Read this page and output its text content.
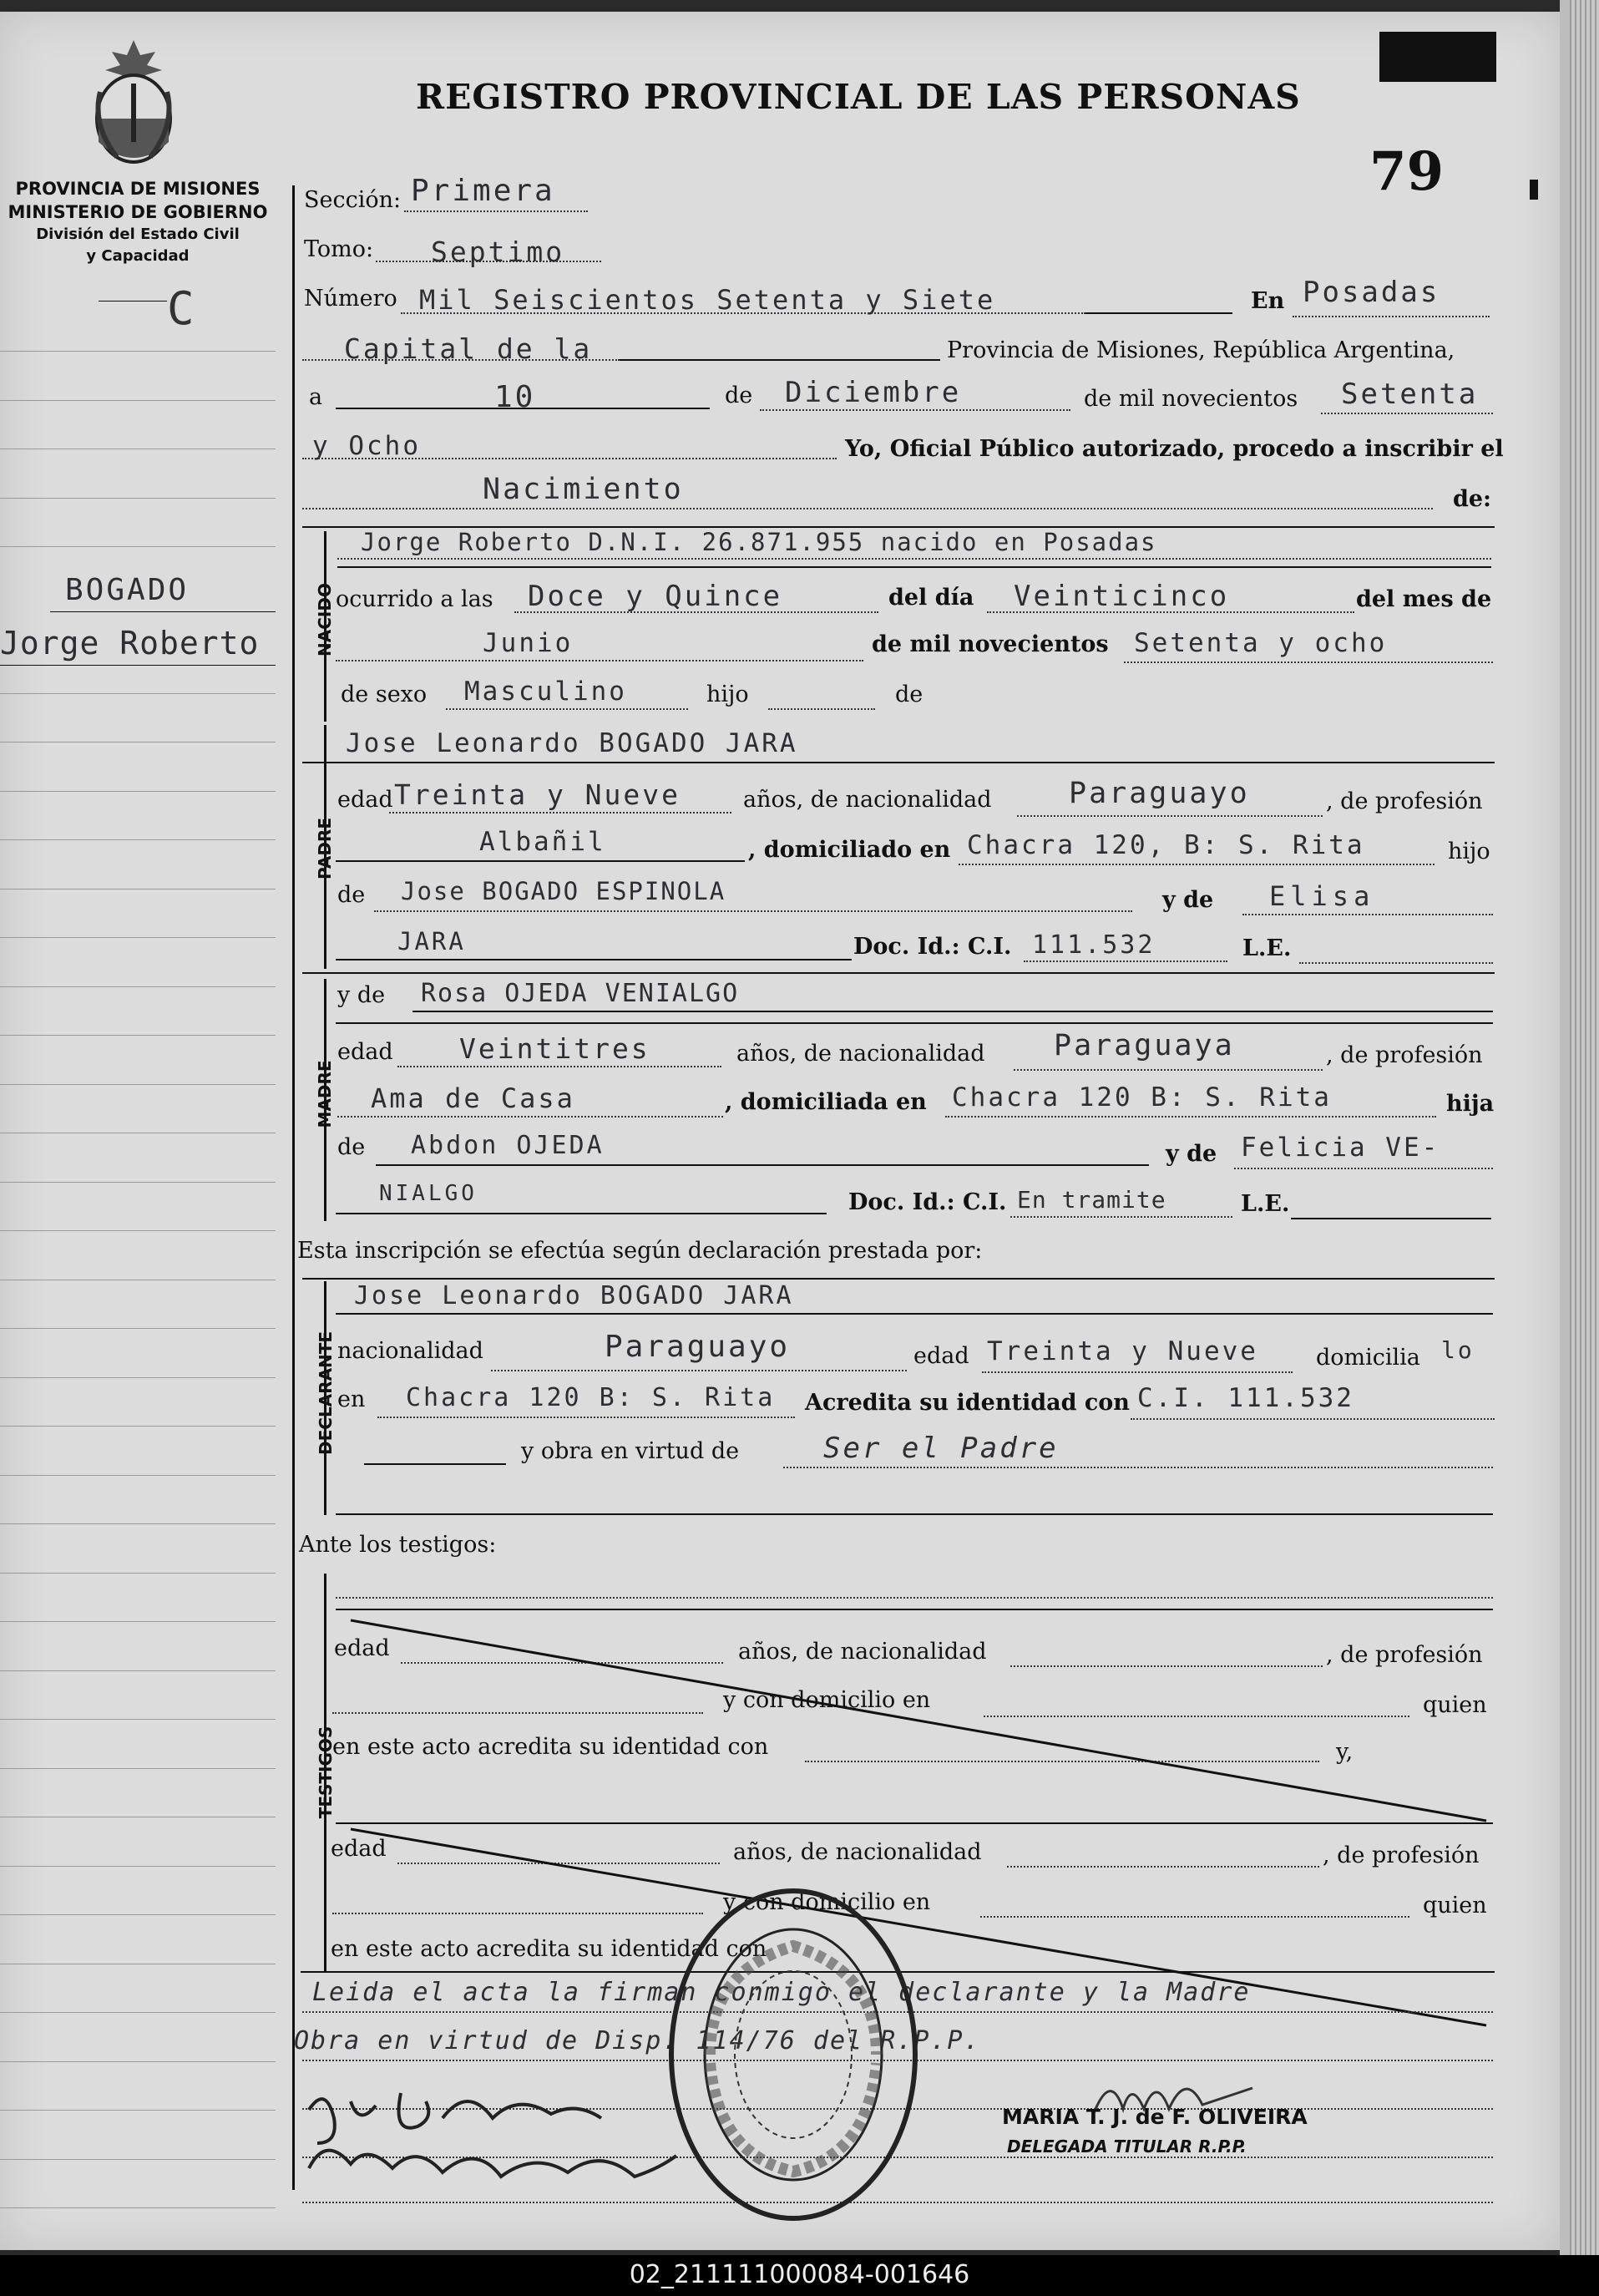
PROVINCIA DE MISIONES
MINISTERIO DE GOBIERNO
División del Estado Civil
y Capacidad
C
REGISTRO PROVINCIAL DE LAS PERSONAS
79
BOGADO
Jorge Roberto
Sección: Primera
Tomo: Septimo
Número Mil Seiscientos Setenta y Siete	En Posadas
Capital de la	Provincia de Misiones, República Argentina,
a	10	de Diciembre	de mil novecientos Setenta
y Ocho	Yo, Oficial Público autorizado, procedo a inscribir el
Nacimiento	de:
NACIDO
Jorge Roberto D.N.I. 26.871.955 nacido en Posadas
ocurrido a las Doce y Quince	del día Veinticinco	del mes de
Junio	de mil novecientos Setenta y ocho
de sexo Masculino	hijo	de
PADRE
Jose Leonardo BOGADO JARA
edad Treinta y Nueve	años, de nacionalidad	Paraguayo	, de profesión
Albañil	, domiciliado en Chacra 120, B: S. Rita	hijo
de Jose BOGADO ESPINOLA	y de Elisa
JARA	Doc. Id.: C.I. 111.532	L.E.
MADRE
y de Rosa OJEDA VENIALGO
edad Veintitres	años, de nacionalidad Paraguaya	, de profesión
Ama de Casa	, domiciliada en Chacra 120 B: S. Rita	hija
de Abdon OJEDA	y de Felicia VE-
NIALGO	Doc. Id.: C.I. En tramite	L.E.
Esta inscripción se efectúa según declaración prestada por:
DECLARANTE
Jose Leonardo BOGADO JARA
nacionalidad	Paraguayo	edad Treinta y Nueve	domicilia lo
en Chacra 120 B: S. Rita Acredita su identidad con C.I. 111.532
y obra en virtud de	Ser el Padre
Ante los testigos:
TESTIGOS
edad	años, de nacionalidad	, de profesión
y con domicilio en	quien
en este acto acredita su identidad con	y,
edad	años, de nacionalidad	, de profesión
y con domicilio en	quien
en este acto acredita su identidad con
Leida el acta la firman conmigo el declarante y la Madre
Obra en virtud de Disp. 114/76 del R.P.P.
MARIA T. J. de F. OLIVEIRA
DELEGADA TITULAR R.P.P.
02_211111000084-001646
